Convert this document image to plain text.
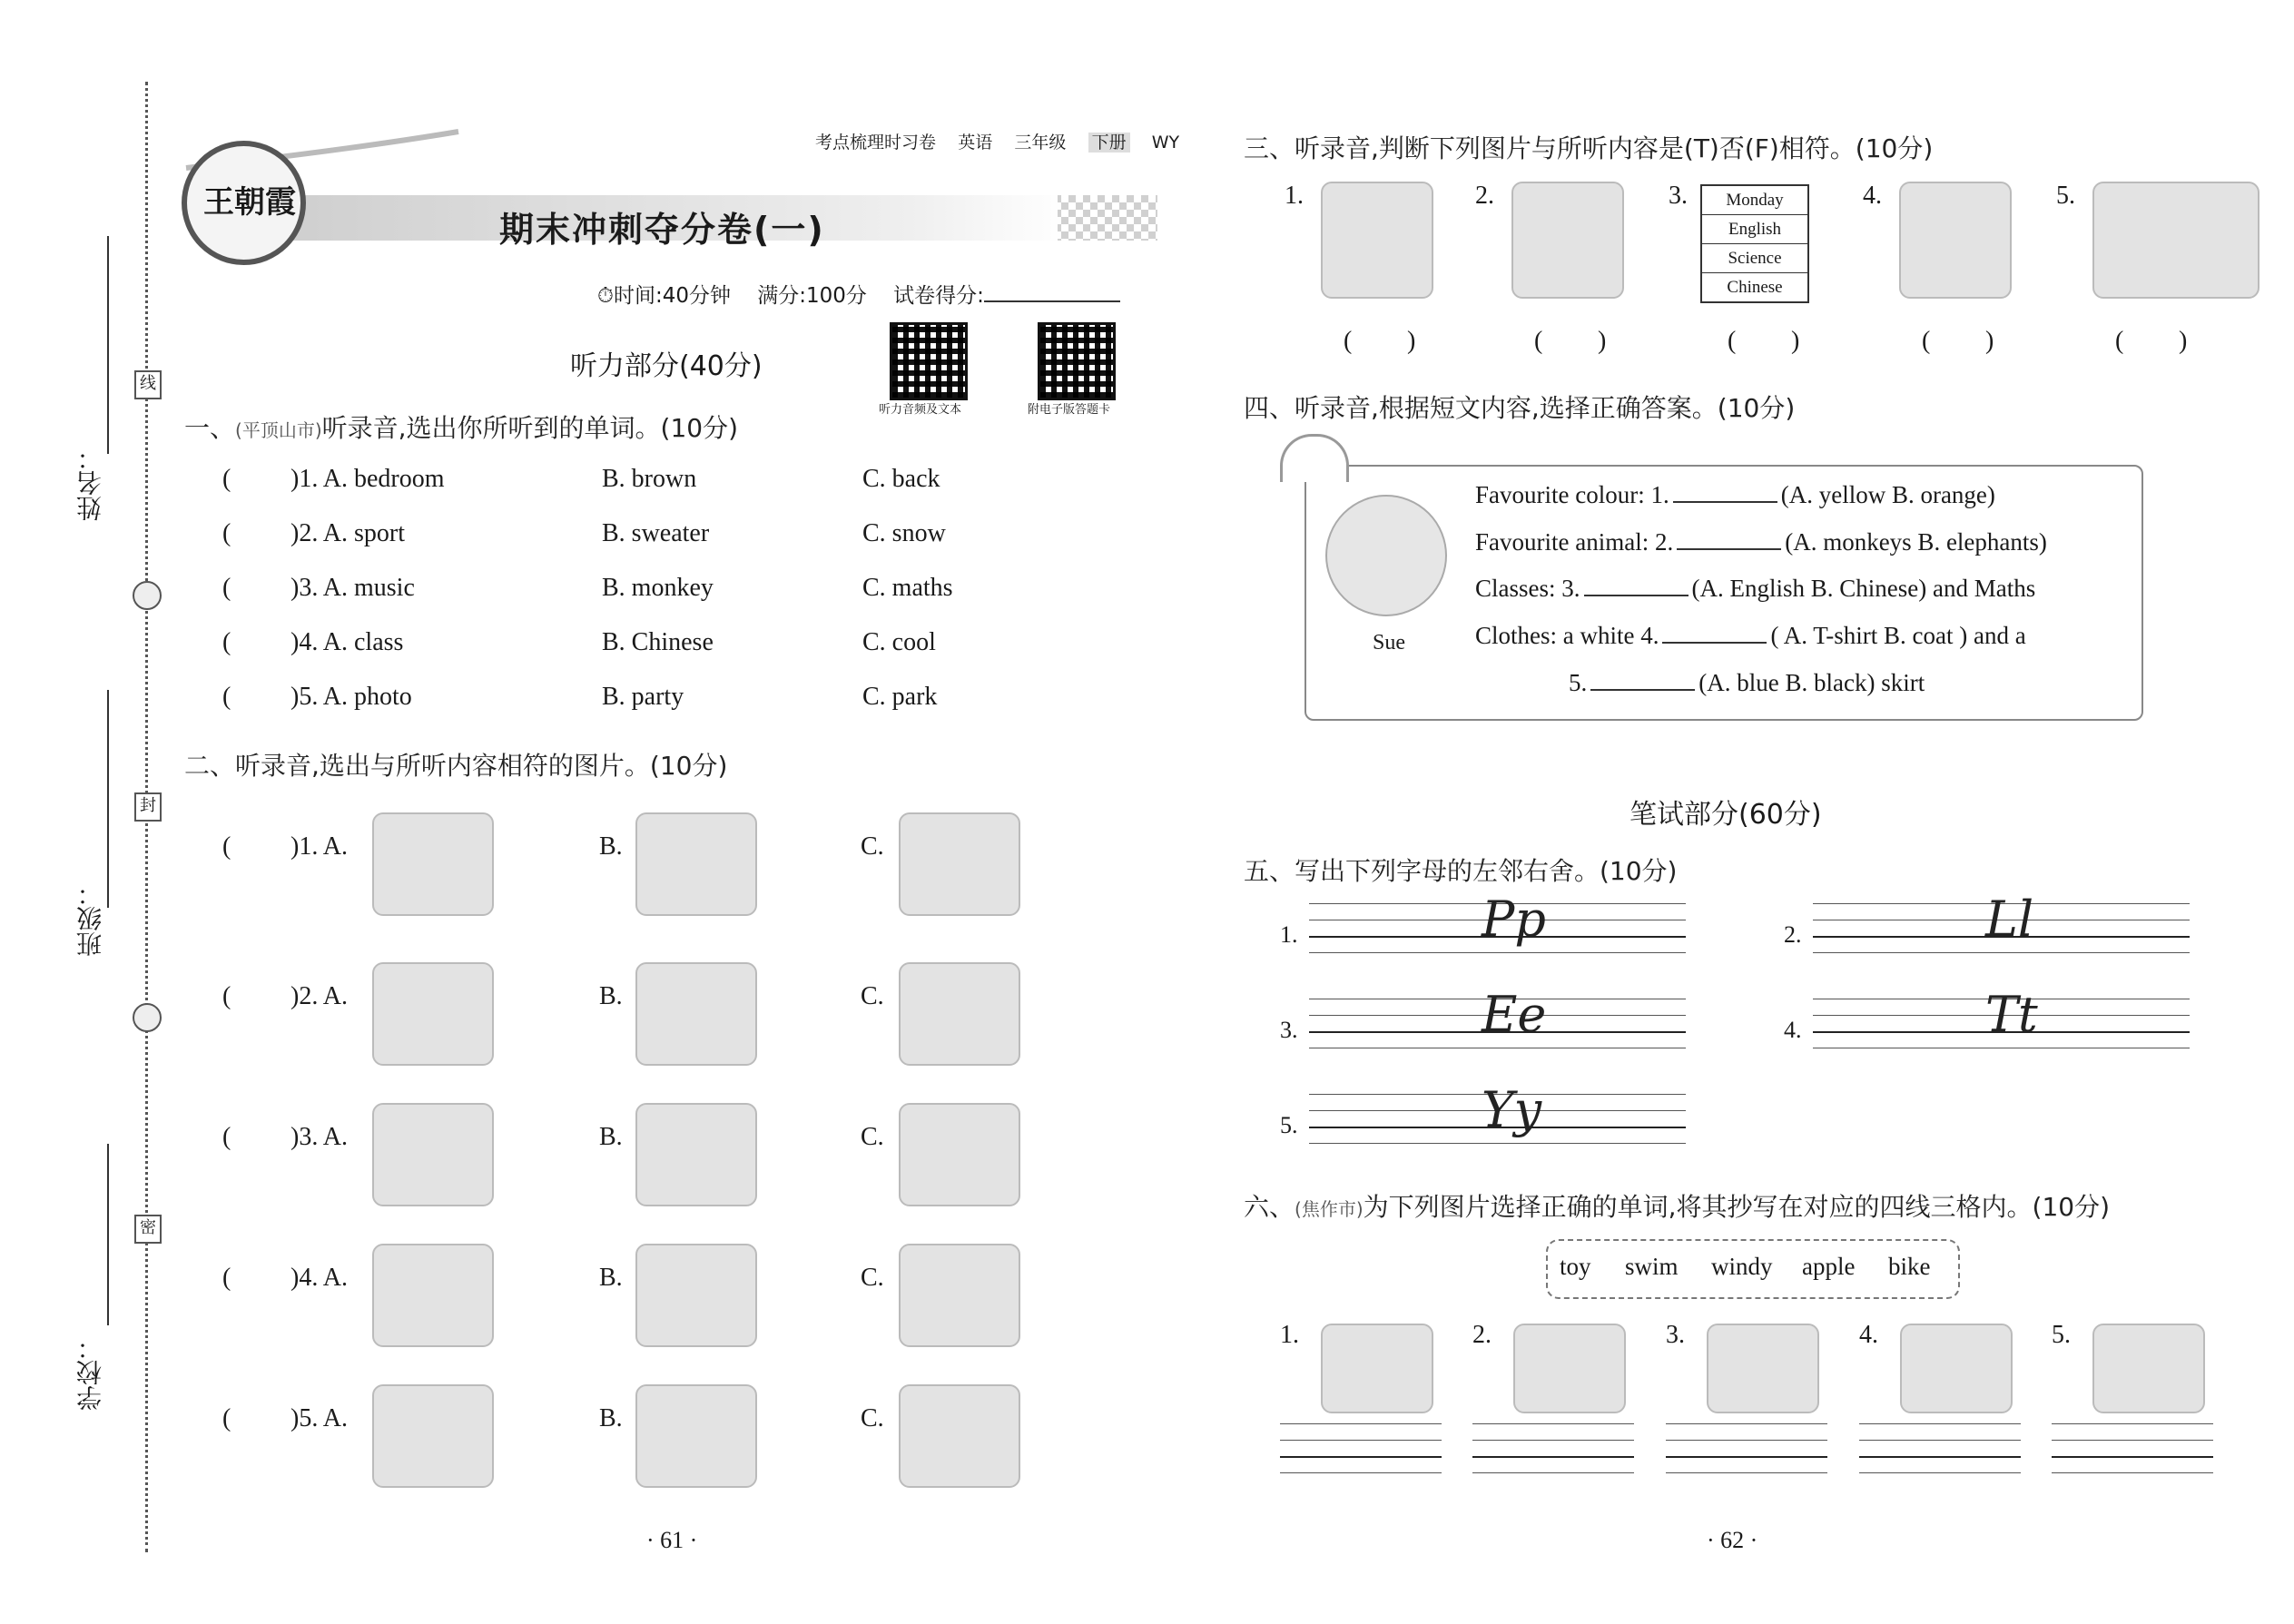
姓名：
班级：
学校：
线
封
密
王朝霞
考点梳理时习卷 英语 三年级 下册 WY
期末冲刺夺分卷(一)
⏱时间:40分钟 满分:100分 试卷得分:
听力音频及文本	附电子版答题卡
听力部分(40分)
一、(平顶山市)听录音,选出你所听到的单词。(10分)
( )1. A. bedroom	B. brown	C. back
( )2. A. sport	B. sweater	C. snow
( )3. A. music	B. monkey	C. maths
( )4. A. class	B. Chinese	C. cool
( )5. A. photo	B. party	C. park
二、听录音,选出与所听内容相符的图片。(10分)
( )1. A.	B.	C.
( )2. A.	B.	C.
( )3. A.	B.	C.
( )4. A.	B.	C.
( )5. A.	B.	C.
三、听录音,判断下列图片与所听内容是(T)否(F)相符。(10分)
1.
( )
2.
( )
3.	Monday
English
Science
Chinese
( )
4.
( )
5.
( )
四、听录音,根据短文内容,选择正确答案。(10分)
Sue
Favourite colour: 1.	(A. yellow B. orange)
Favourite animal: 2.	(A. monkeys B. elephants)
Classes: 3.	(A. English B. Chinese) and Maths
Clothes: a white 4.	( A. T-shirt B. coat ) and a
5.	(A. blue B. black) skirt
笔试部分(60分)
五、写出下列字母的左邻右舍。(10分)
1.	Pp	2.	Ll
3.	Ee	4.	Tt
5.	Yy
六、(焦作市)为下列图片选择正确的单词,将其抄写在对应的四线三格内。(10分)
toy swim windy apple bike
1.	2.	3.	4.	5.
· 61 ·	· 62 ·
